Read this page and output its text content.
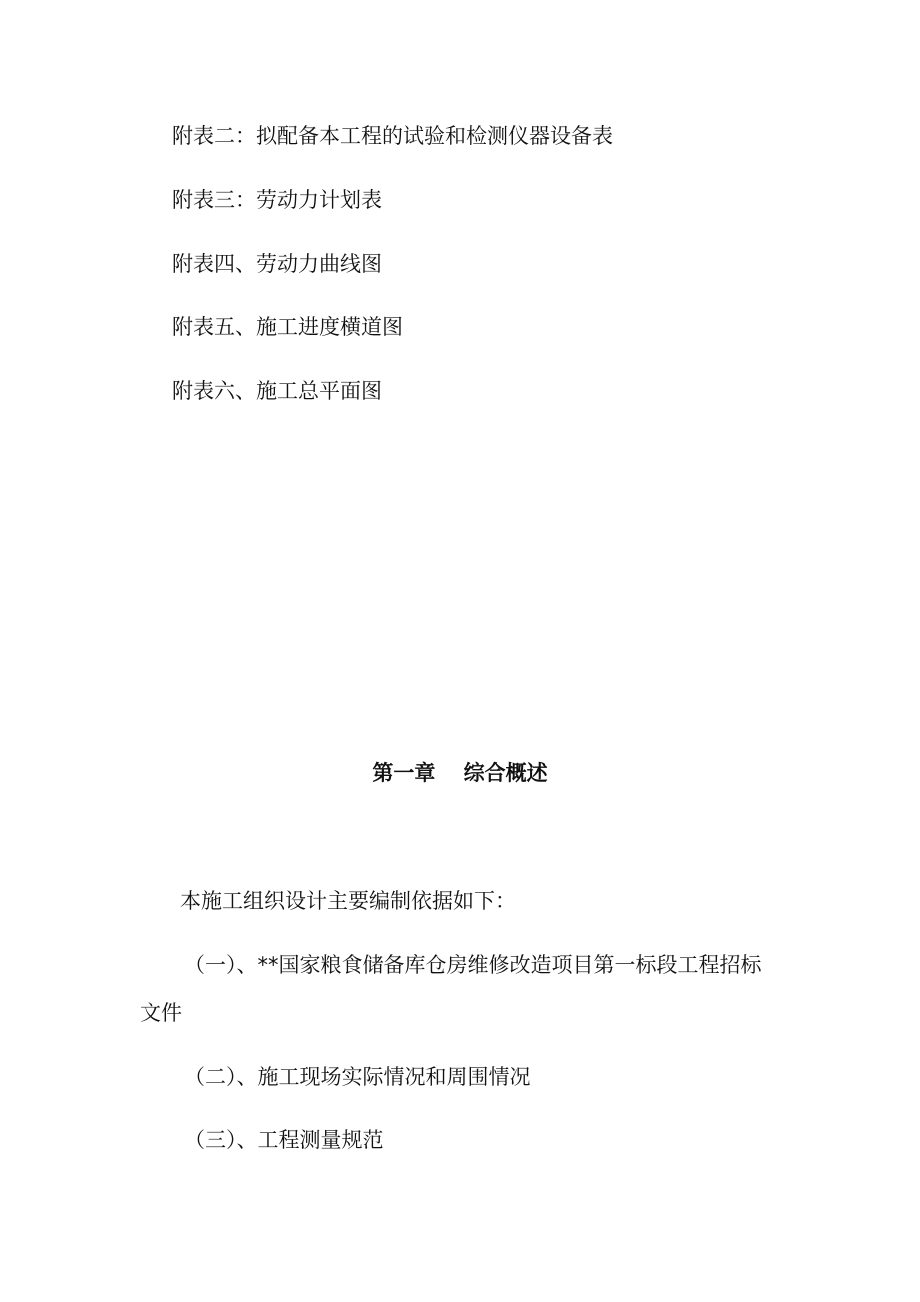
附表二：拟配备本工程的试验和检测仪器设备表

附表三：劳动力计划表

附表四、劳动力曲线图

附表五、施工进度横道图

附表六、施工总平面图

第一章　 综合概述

本施工组织设计主要编制依据如下：

（一）、**国家粮食储备库仓房维修改造项目第一标段工程招标

文件

（二）、施工现场实际情况和周围情况

（三）、工程测量规范
